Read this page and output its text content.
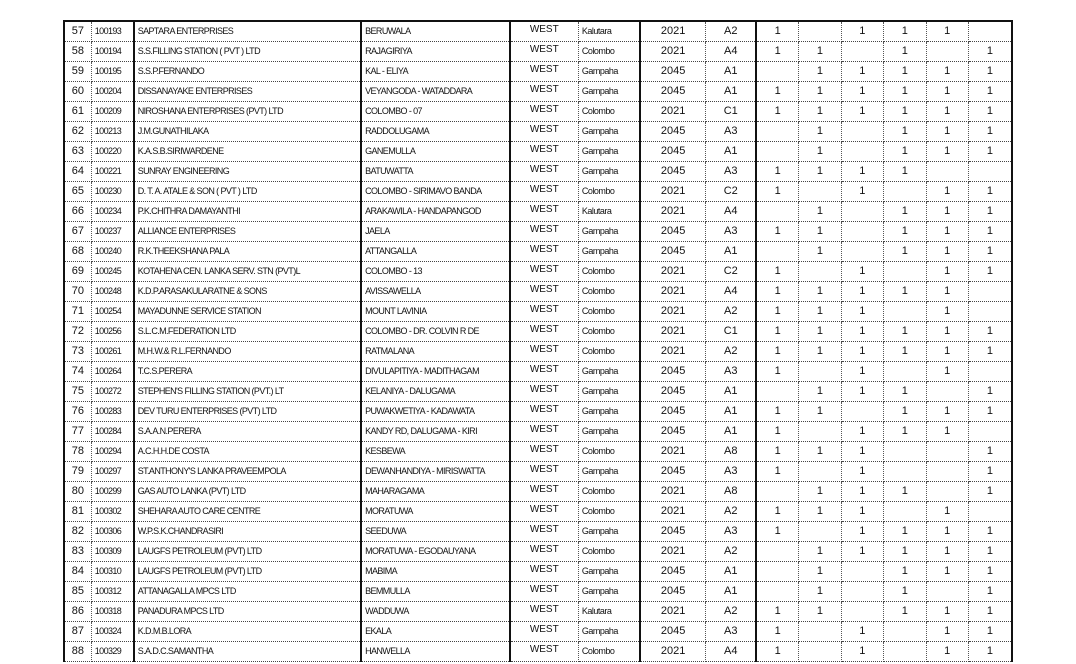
57	100193	SAPTARA ENTERPRISES	BERUWALA	WEST	Kalutara	2021	A2	1		1	1	1	
58	100194	S.S.FILLING STATION ( PVT ) LTD	RAJAGIRIYA	WEST	Colombo	2021	A4	1	1		1		1
59	100195	S.S.P.FERNANDO	KAL - ELIYA	WEST	Gampaha	2045	A1		1	1	1	1	1
60	100204	DISSANAYAKE ENTERPRISES	VEYANGODA - WATADDARA	WEST	Gampaha	2045	A1	1	1	1	1	1	1
61	100209	NIROSHANA ENTERPRISES (PVT) LTD	COLOMBO - 07	WEST	Colombo	2021	C1	1	1	1	1	1	1
62	100213	J.M.GUNATHILAKA	RADDOLUGAMA	WEST	Gampaha	2045	A3		1		1	1	1
63	100220	K.A.S.B.SIRIWARDENE	GANEMULLA	WEST	Gampaha	2045	A1		1		1	1	1
64	100221	SUNRAY ENGINEERING	BATUWATTA	WEST	Gampaha	2045	A3	1	1	1	1		
65	100230	D. T. A. ATALE & SON ( PVT ) LTD	COLOMBO - SIRIMAVO BANDA	WEST	Colombo	2021	C2	1		1		1	1
66	100234	P.K.CHITHRA DAMAYANTHI	ARAKAWILA - HANDAPANGOD	WEST	Kalutara	2021	A4		1		1	1	1
67	100237	ALLIANCE ENTERPRISES	JAELA	WEST	Gampaha	2045	A3	1	1		1	1	1
68	100240	R.K.THEEKSHANA PALA	ATTANGALLA	WEST	Gampaha	2045	A1		1		1	1	1
69	100245	KOTAHENA CEN. LANKA SERV. STN (PVT)L	COLOMBO - 13	WEST	Colombo	2021	C2	1		1		1	1
70	100248	K.D.P.ARASAKULARATNE & SONS	AVISSAWELLA	WEST	Colombo	2021	A4	1	1	1	1	1	
71	100254	MAYADUNNE SERVICE STATION	MOUNT LAVINIA	WEST	Colombo	2021	A2	1	1	1		1	
72	100256	S.L.C.M.FEDERATION LTD	COLOMBO - DR. COLVIN R DE	WEST	Colombo	2021	C1	1	1	1	1	1	1
73	100261	M.H.W.& R.L.FERNANDO	RATMALANA	WEST	Colombo	2021	A2	1	1	1	1	1	1
74	100264	T.C.S.PERERA	DIVULAPITIYA - MADITHAGAM	WEST	Gampaha	2045	A3	1		1		1	
75	100272	STEPHEN'S FILLING STATION (PVT.) LT	KELANIYA - DALUGAMA	WEST	Gampaha	2045	A1		1	1	1		1
76	100283	DEV TURU ENTERPRISES (PVT) LTD	PUWAKWETIYA - KADAWATA	WEST	Gampaha	2045	A1	1	1		1	1	1
77	100284	S.A.A.N.PERERA	KANDY RD, DALUGAMA - KIRI	WEST	Gampaha	2045	A1	1		1	1	1	
78	100294	A.C.H.H.DE COSTA	KESBEWA	WEST	Colombo	2021	A8	1	1	1			1
79	100297	ST.ANTHONY'S LANKA PRAVEEMPOLA	DEWANHANDIYA - MIRISWATTA	WEST	Gampaha	2045	A3	1		1			1
80	100299	GAS AUTO LANKA (PVT) LTD	MAHARAGAMA	WEST	Colombo	2021	A8		1	1	1		1
81	100302	SHEHARA AUTO CARE CENTRE	MORATUWA	WEST	Colombo	2021	A2	1	1	1		1	
82	100306	W.P.S.K.CHANDRASIRI	SEEDUWA	WEST	Gampaha	2045	A3	1		1	1	1	1
83	100309	LAUGFS PETROLEUM (PVT) LTD	MORATUWA - EGODAUYANA	WEST	Colombo	2021	A2		1	1	1	1	1
84	100310	LAUGFS PETROLEUM (PVT) LTD	MABIMA	WEST	Gampaha	2045	A1		1		1	1	1
85	100312	ATTANAGALLA MPCS LTD	BEMMULLA	WEST	Gampaha	2045	A1		1		1		1
86	100318	PANADURA MPCS LTD	WADDUWA	WEST	Kalutara	2021	A2	1	1		1	1	1
87	100324	K.D.M.B.LORA	EKALA	WEST	Gampaha	2045	A3	1		1		1	1
88	100329	S.A.D.C.SAMANTHA	HANWELLA	WEST	Colombo	2021	A4	1		1		1	1
